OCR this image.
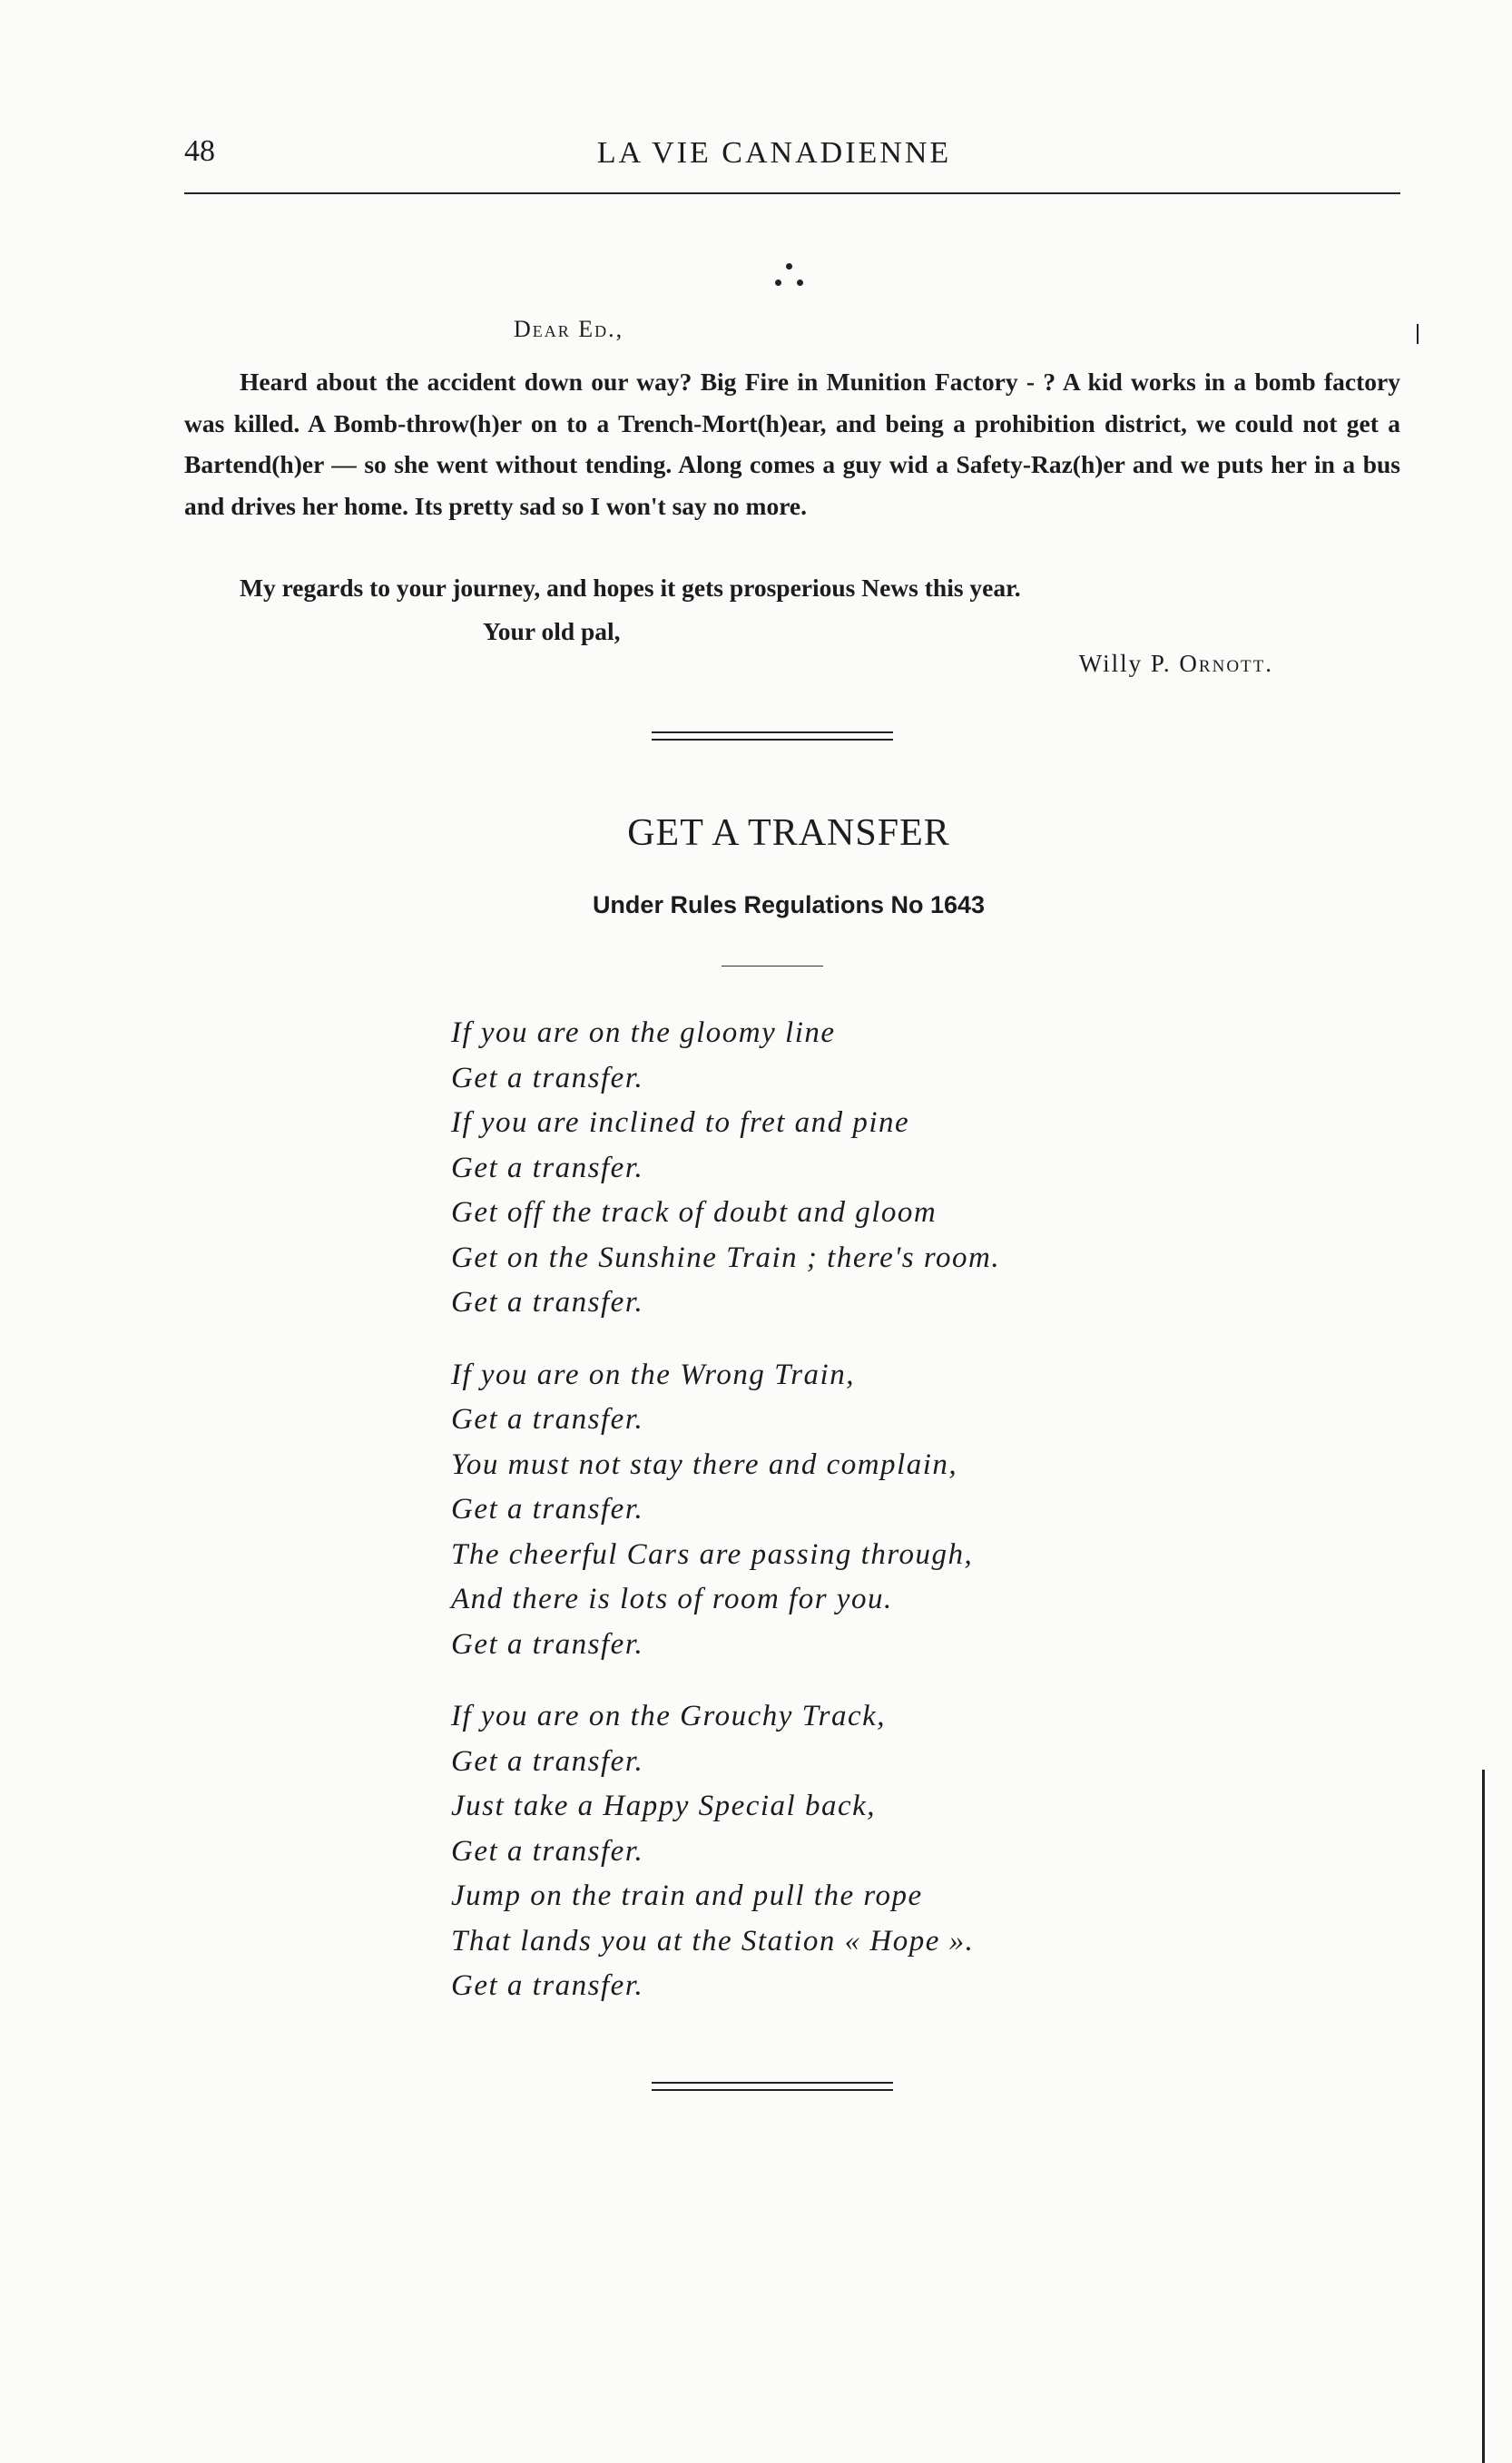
48	LA VIE CANADIENNE
Dear Ed.,

Heard about the accident down our way? Big Fire in Munition Factory - ? A kid works in a bomb factory was killed. A Bomb-throw(h)er on to a Trench-Mort(h)ear, and being a prohibition district, we could not get a Bartend(h)er — so she went without tending. Along comes a guy wid a Safety-Raz(h)er and we puts her in a bus and drives her home. Its pretty sad so I won't say no more.

My regards to your journey, and hopes it gets prosperious News this year.
Your old pal,
Willy P. Ornott.
GET A TRANSFER
Under Rules Regulations No 1643
If you are on the gloomy line
Get a transfer.
If you are inclined to fret and pine
Get a transfer.
Get off the track of doubt and gloom
Get on the Sunshine Train ; there's room.
Get a transfer.
If you are on the Wrong Train,
Get a transfer.
You must not stay there and complain,
Get a transfer.
The cheerful Cars are passing through,
And there is lots of room for you.
Get a transfer.
If you are on the Grouchy Track,
Get a transfer.
Just take a Happy Special back,
Get a transfer.
Jump on the train and pull the rope
That lands you at the Station « Hope ».
Get a transfer.
